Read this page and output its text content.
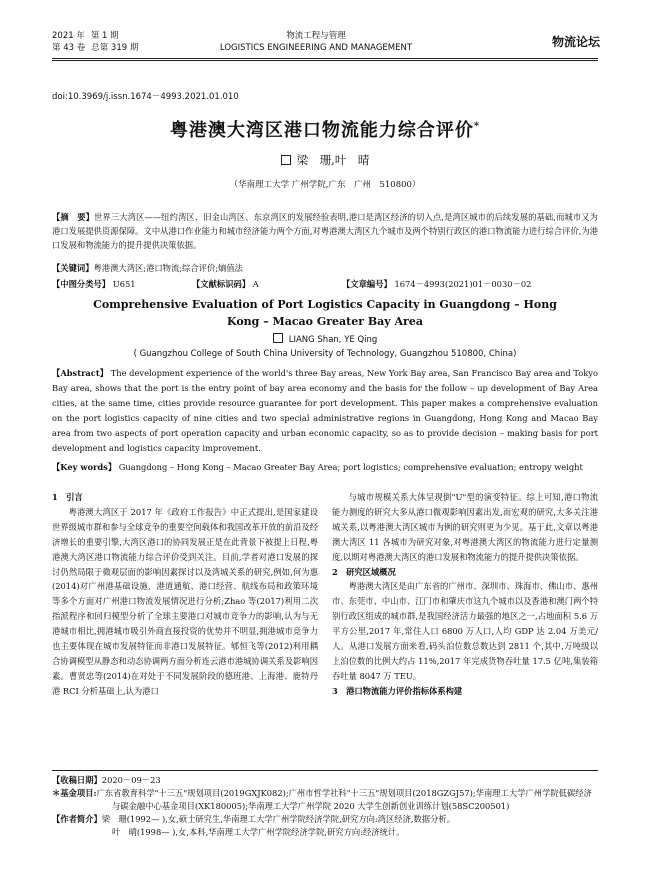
2021 年 第 1 期
第 43 卷 总第 319 期
物流工程与管理
LOGISTICS ENGINEERING AND MANAGEMENT	物流论坛
doi:10.3969/j.issn.1674－4993.2021.01.010
粤港澳大湾区港口物流能力综合评价*
梁　珊,叶　晴
（华南理工大学 广州学院,广东　广州　510800）
【摘　要】世界三大湾区——纽约湾区、旧金山湾区、东京湾区的发展经验表明,港口是湾区经济的切入点,是湾区城市的后续发展的基础,而城市又为港口发展提供资源保障。文中从港口作业能力和城市经济能力两个方面,对粤港澳大湾区九个城市及两个特别行政区的港口物流能力进行综合评价,为港口发展和物流能力的提升提供决策依据。
【关键词】粤港澳大湾区;港口物流;综合评价;熵值法
【中图分类号】 U651	【文献标识码】 A	【文章编号】 1674－4993(2021)01－0030－02
Comprehensive Evaluation of Port Logistics Capacity in Guangdong – Hong
Kong – Macao Greater Bay Area
LIANG Shan, YE Qing
( Guangzhou College of South China University of Technology, Guangzhou 510800, China)
【Abstract】 The development experience of the world's three Bay areas, New York Bay area, San Francisco Bay area and Tokyo Bay area, shows that the port is the entry point of bay area economy and the basis for the follow – up development of Bay Area cities, at the same time, cities provide resource guarantee for port development. This paper makes a comprehensive evaluation on the port logistics capacity of nine cities and two special administrative regions in Guangdong, Hong Kong and Macao Bay area from two aspects of port operation capacity and urban economic capacity, so as to provide decision – making basis for port development and logistics capacity improvement.
【Key words】 Guangdong – Hong Kong – Macao Greater Bay Area; port logistics; comprehensive evaluation; entropy weight
1　引言

粤港澳大湾区于 2017 年《政府工作报告》中正式提出,是国家建设世界级城市群和参与全球竞争的重要空间载体和我国改革开放的前沿及经济增长的重要引擎,大湾区港口的协同发展正是在此背景下被提上日程,粤港澳大湾区港口物流能力综合评价受到关注。目前,学者对港口发展的探讨仍然局限于微观层面的影响因素探讨以及湾城关系的研究,例如,何为惠(2014)对广州港基础设施、港道通航、港口经营、航线布局和政策环境等多个方面对广州港口物流发展情况进行分析;Zhao 等(2017)利用二次指派程序和回归模型分析了全球主要港口对城市竞争力的影响,认为与无港城市相比,拥港城市吸引外商直接投资的优势并不明显,拥港城市竞争力也主要体现在城市发展特征而非港口发展特征。郇恒飞等(2012)利用耦合协调模型从静态和动态协调两方面分析连云港市港城协调关系及影响因素。曹贤忠等(2014)在对处于不同发展阶段的德班港、上海港、鹿特丹港 RCI 分析基础上,认为港口

与城市规模关系大体呈现倒"U"型的演变特征。综上可知,港口物流能力测度的研究大多从港口微观影响因素出发,而宏观的研究,大多关注港城关系,以粤港澳大湾区城市为例的研究则更为少见。基于此,文章以粤港澳大湾区 11 各城市为研究对象,对粤港澳大湾区的物流能力进行定量测度,以期对粤港澳大湾区的港口发展和物流能力的提升提供决策依据。

2　研究区域概况

粤港澳大湾区是由广东省的广州市、深圳市、珠海市、佛山市、惠州市、东莞市、中山市、江门市和肇庆市这九个城市以及香港和澳门两个特别行政区组成的城市群,是我国经济活力最强的地区之一,占地面积 5.6 万平方公里,2017 年,常住人口 6800 万人口,人均 GDP 达 2.04 万美元/人。从港口发展方面来看,码头泊位数总数达到 2811 个,其中,万吨级以上泊位数的比例大约占 11%,2017 年完成货物吞吐量 17.5 亿吨,集装箱吞吐量 8047 万 TEU。

3　港口物流能力评价指标体系构建
【收稿日期】2020－09－23
＊基金项目:广东省教育科学"十三五"规划项目(2019GXJK082);广州市哲学社科"十三五"规划项目(2018GZGJ57);华南理工大学广州学院低碳经济与碳金融中心基金项目(XK180005);华南理工大学广州学院 2020 大学生创新创业训练计划(58SC200501)
【作者简介】梁　珊(1992— ),女,硕士研究生,华南理工大学广州学院经济学院,研究方向:湾区经济,数据分析。
叶　晴(1998— ),女,本科,华南理工大学广州学院经济学院,研究方向:经济统计。
